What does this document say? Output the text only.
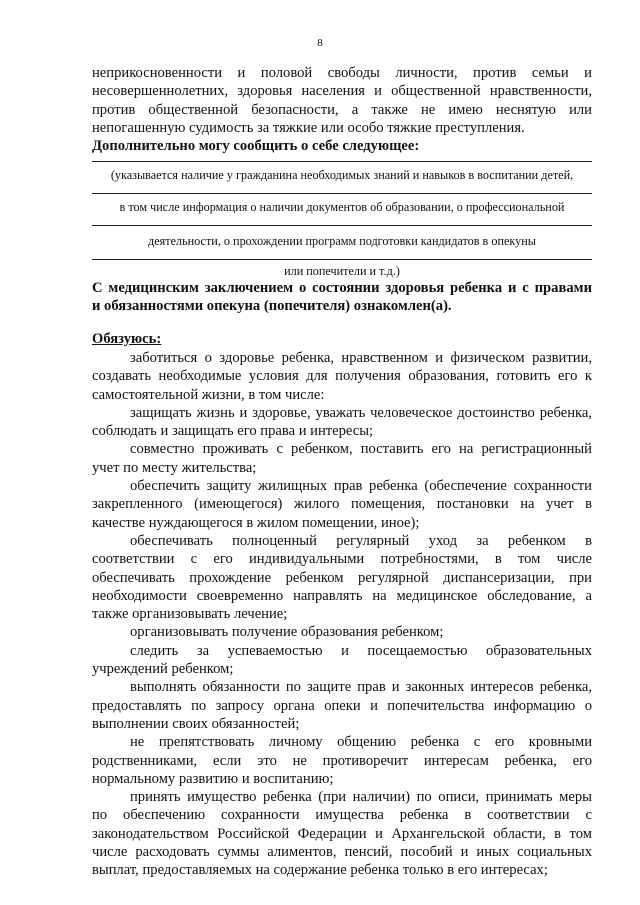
8

неприкосновенности и половой свободы личности, против семьи и

несовершеннолетних, здоровья населения и общественной нравственности,

против общественной безопасности, а также не имею неснятую или

непогашенную судимость за тяжкие или особо тяжкие преступления.

Дополнительно могу сообщить о себе следующее:
(указывается наличие у гражданина необходимых знаний и навыков в воспитании детей,
в том числе информация о наличии документов об образовании, о профессиональной
деятельности, о прохождении программ подготовки кандидатов в опекуны
или попечители и т.д.)

С медицинским заключением о состоянии здоровья ребенка и с правами

и обязанностями опекуна (попечителя) ознакомлен(а).

Обязуюсь:

заботиться о здоровье ребенка, нравственном и физическом развитии,

создавать необходимые условия для получения образования, готовить его к

самостоятельной жизни, в том числе:

защищать жизнь и здоровье, уважать человеческое достоинство ребенка,

соблюдать и защищать его права и интересы;

совместно проживать с ребенком, поставить его на регистрационный

учет по месту жительства;

обеспечить защиту жилищных прав ребенка (обеспечение сохранности

закрепленного (имеющегося) жилого помещения, постановки на учет в

качестве нуждающегося в жилом помещении, иное);

обеспечивать полноценный регулярный уход за ребенком в

соответствии с его индивидуальными потребностями, в том числе

обеспечивать прохождение ребенком регулярной диспансеризации, при

необходимости своевременно направлять на медицинское обследование, а

также организовывать лечение;

организовывать получение образования ребенком;

следить за успеваемостью и посещаемостью образовательных

учреждений ребенком;

выполнять обязанности по защите прав и законных интересов ребенка,

предоставлять по запросу органа опеки и попечительства информацию о

выполнении своих обязанностей;

не препятствовать личному общению ребенка с его кровными

родственниками, если это не противоречит интересам ребенка, его

нормальному развитию и воспитанию;

принять имущество ребенка (при наличии) по описи, принимать меры

по обеспечению сохранности имущества ребенка в соответствии с

законодательством Российской Федерации и Архангельской области, в том

числе расходовать суммы алиментов, пенсий, пособий и иных социальных

выплат, предоставляемых на содержание ребенка только в его интересах;
